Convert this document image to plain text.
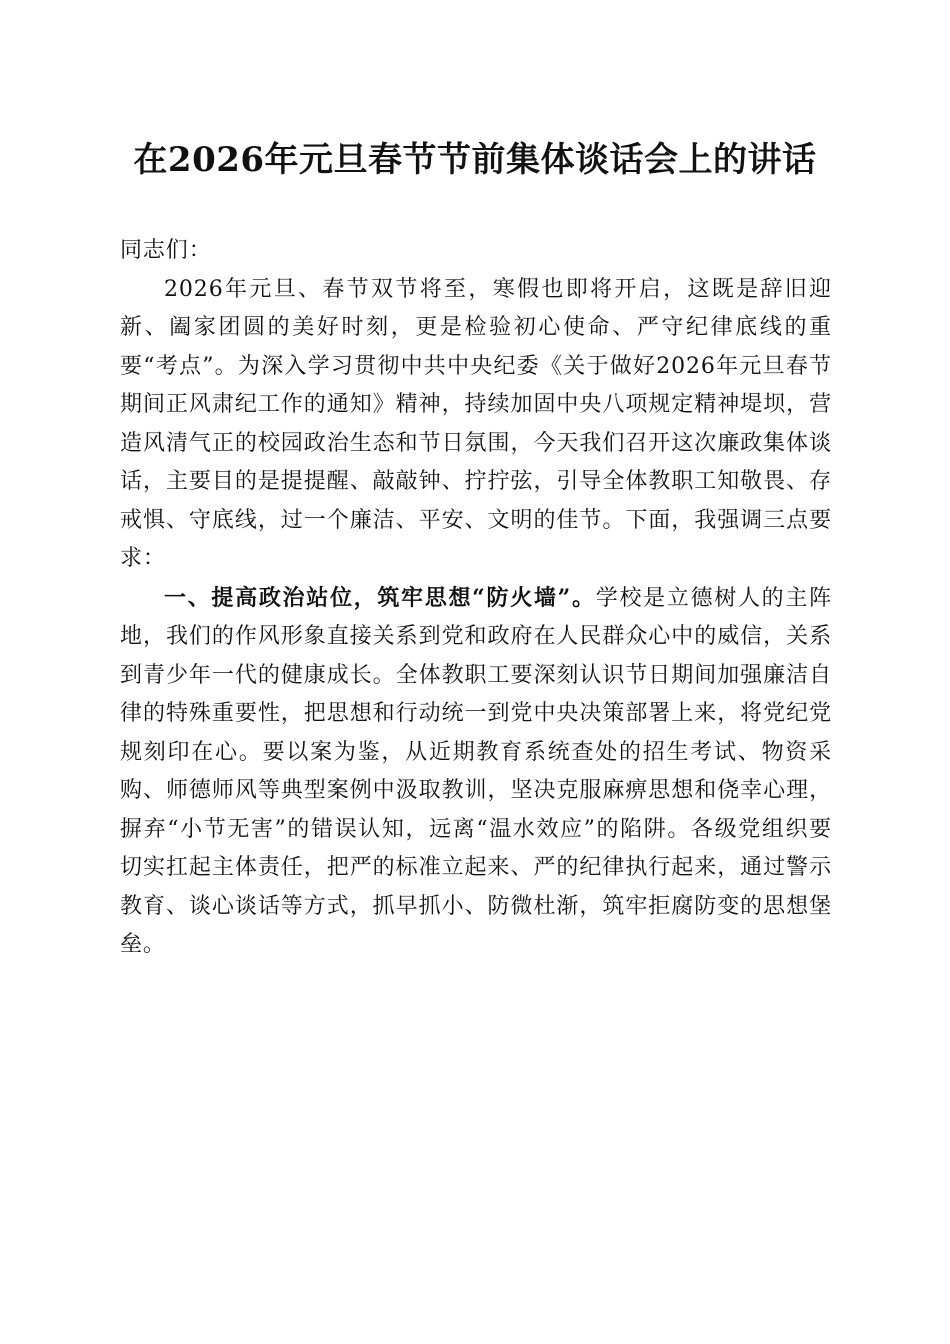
在2026年元旦春节节前集体谈话会上的讲话

同志们：

2026年元旦、春节双节将至，寒假也即将开启，这既是辞旧迎新、阖家团圆的美好时刻，更是检验初心使命、严守纪律底线的重要“考点”。为深入学习贯彻中共中央纪委《关于做好2026年元旦春节期间正风肃纪工作的通知》精神，持续加固中央八项规定精神堤坝，营造风清气正的校园政治生态和节日氛围，今天我们召开这次廉政集体谈话，主要目的是提提醒、敲敲钟、拧拧弦，引导全体教职工知敬畏、存戒惧、守底线，过一个廉洁、平安、文明的佳节。下面，我强调三点要求：

一、提高政治站位，筑牢思想“防火墙”。学校是立德树人的主阵地，我们的作风形象直接关系到党和政府在人民群众心中的威信，关系到青少年一代的健康成长。全体教职工要深刻认识节日期间加强廉洁自律的特殊重要性，把思想和行动统一到党中央决策部署上来，将党纪党规刻印在心。要以案为鉴，从近期教育系统查处的招生考试、物资采购、师德师风等典型案例中汲取教训，坚决克服麻痹思想和侥幸心理，摒弃“小节无害”的错误认知，远离“温水效应”的陷阱。各级党组织要切实扛起主体责任，把严的标准立起来、严的纪律执行起来，通过警示教育、谈心谈话等方式，抓早抓小、防微杜渐，筑牢拒腐防变的思想堡垒。
